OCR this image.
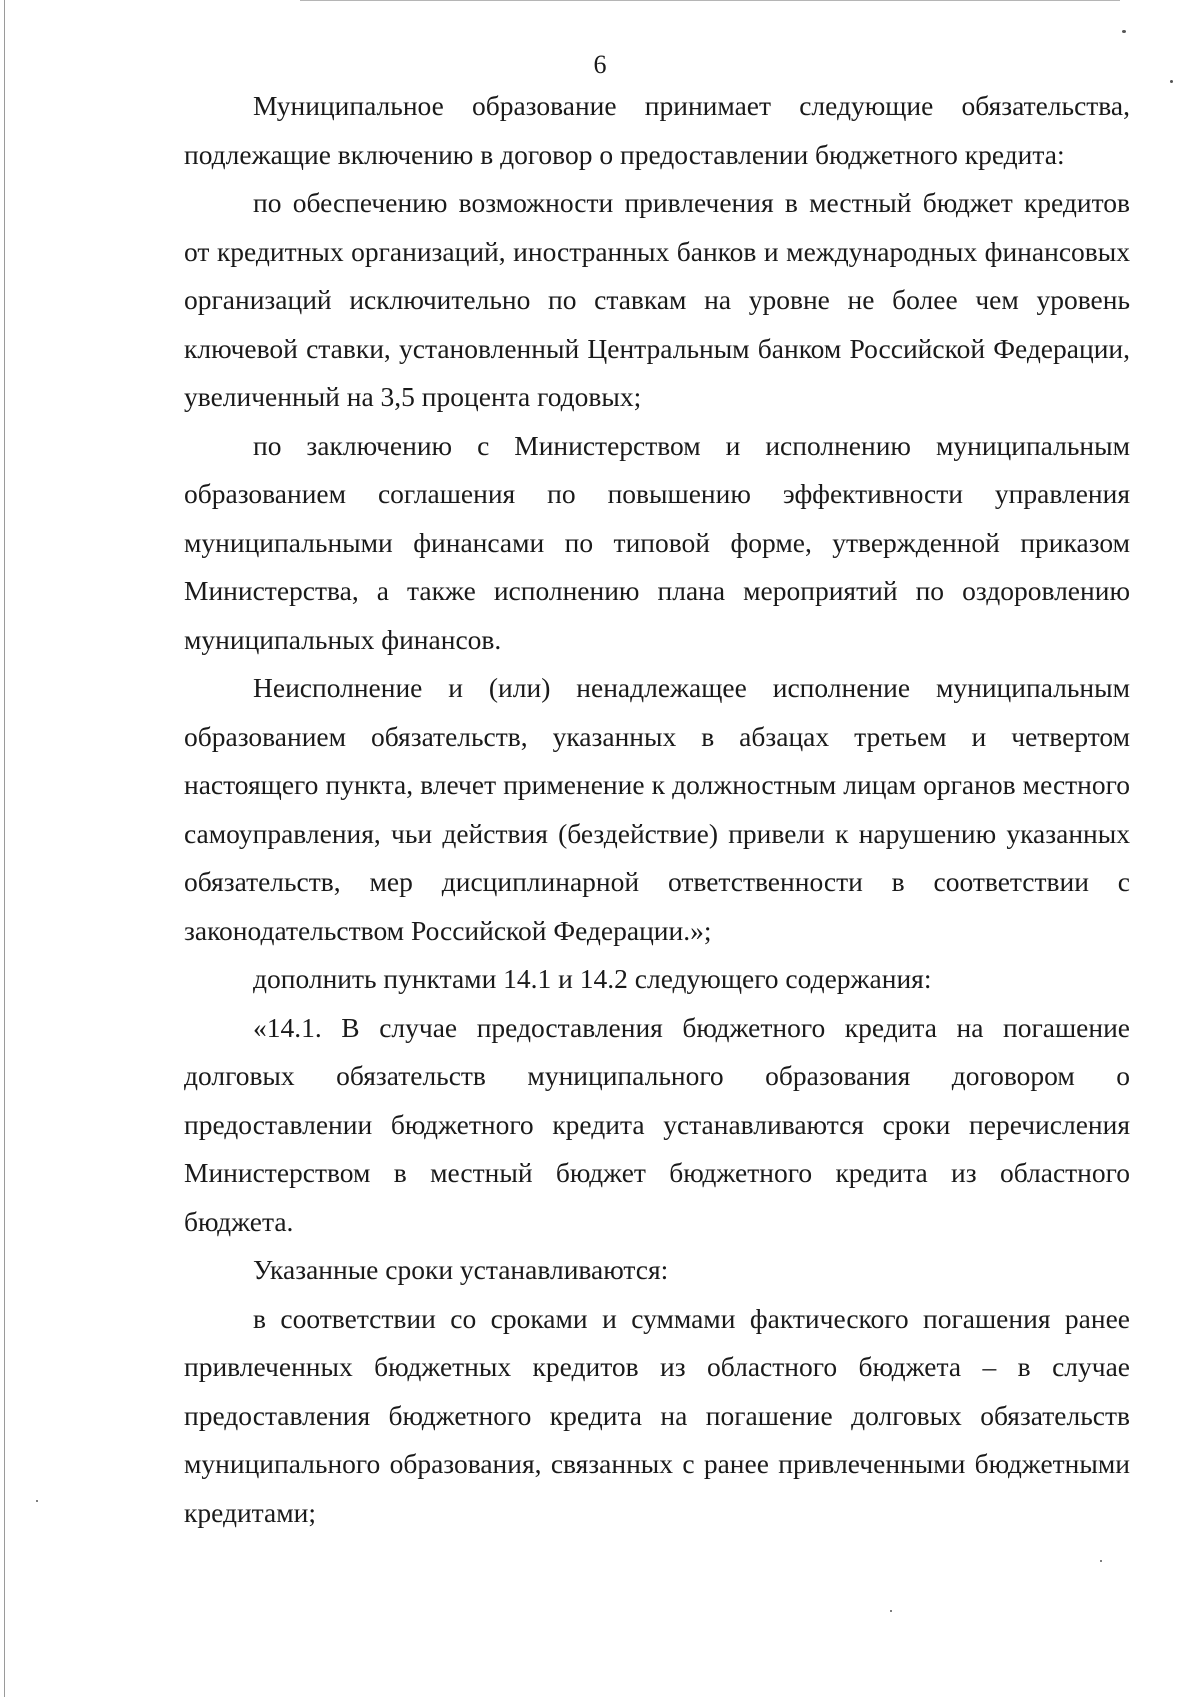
6

Муниципальное образование принимает следующие обязательства, подлежащие включению в договор о предоставлении бюджетного кредита:

по обеспечению возможности привлечения в местный бюджет кредитов от кредитных организаций, иностранных банков и международных финансовых организаций исключительно по ставкам на уровне не более чем уровень ключевой ставки, установленный Центральным банком Российской Федерации, увеличенный на 3,5 процента годовых;

по заключению с Министерством и исполнению муниципальным образованием соглашения по повышению эффективности управления муниципальными финансами по типовой форме, утвержденной приказом Министерства, а также исполнению плана мероприятий по оздоровлению муниципальных финансов.

Неисполнение и (или) ненадлежащее исполнение муниципальным образованием обязательств, указанных в абзацах третьем и четвертом настоящего пункта, влечет применение к должностным лицам органов местного самоуправления, чьи действия (бездействие) привели к нарушению указанных обязательств, мер дисциплинарной ответственности в соответствии с законодательством Российской Федерации.»;

дополнить пунктами 14.1 и 14.2 следующего содержания:

«14.1. В случае предоставления бюджетного кредита на погашение долговых обязательств муниципального образования договором о предоставлении бюджетного кредита устанавливаются сроки перечисления Министерством в местный бюджет бюджетного кредита из областного бюджета.

Указанные сроки устанавливаются:

в соответствии со сроками и суммами фактического погашения ранее привлеченных бюджетных кредитов из областного бюджета – в случае предоставления бюджетного кредита на погашение долговых обязательств муниципального образования, связанных с ранее привлеченными бюджетными кредитами;
